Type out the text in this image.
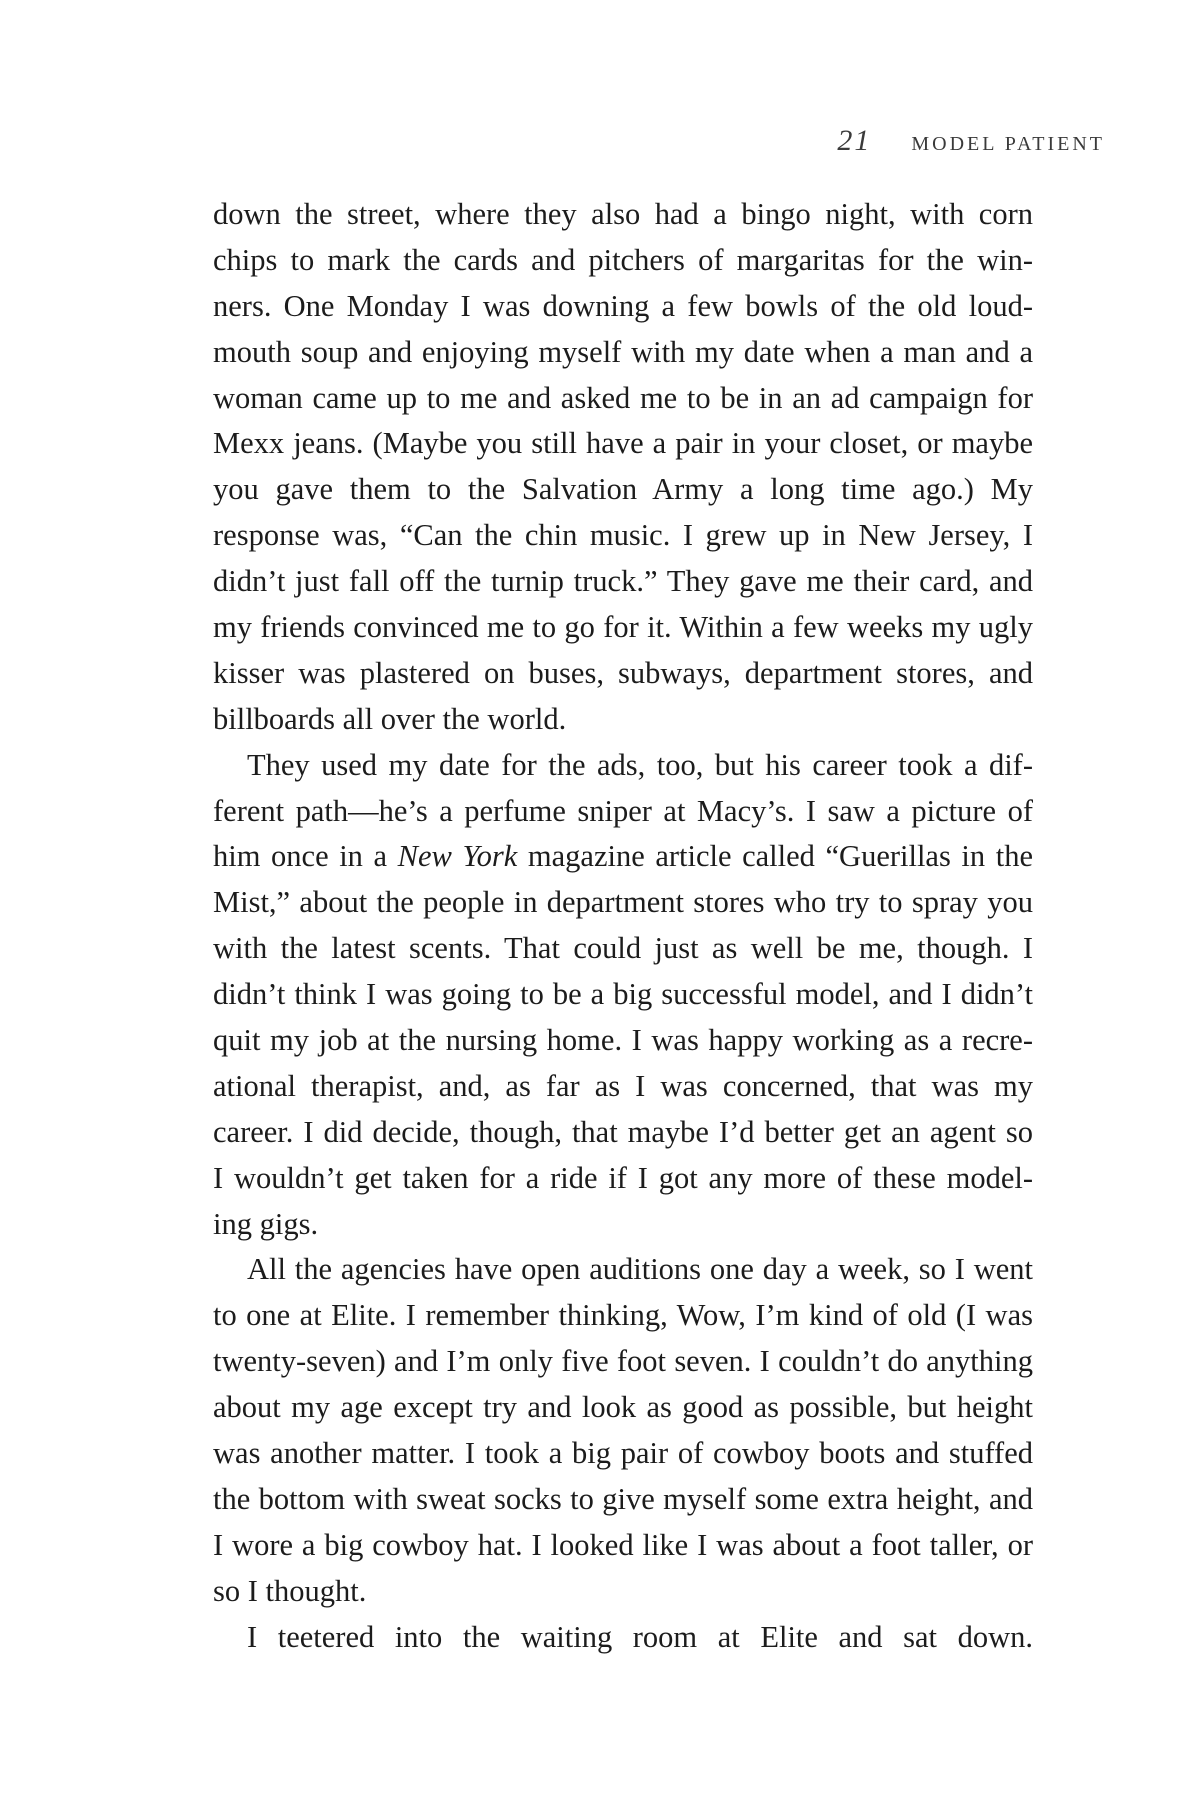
21 MODEL PATIENT
down the street, where they also had a bingo night, with corn
chips to mark the cards and pitchers of margaritas for the win-
ners. One Monday I was downing a few bowls of the old loud-
mouth soup and enjoying myself with my date when a man and a
woman came up to me and asked me to be in an ad campaign for
Mexx jeans. (Maybe you still have a pair in your closet, or maybe
you gave them to the Salvation Army a long time ago.) My
response was, “Can the chin music. I grew up in New Jersey, I
didn’t just fall off the turnip truck.” They gave me their card, and
my friends convinced me to go for it. Within a few weeks my ugly
kisser was plastered on buses, subways, department stores, and
billboards all over the world.
They used my date for the ads, too, but his career took a dif-
ferent path—he’s a perfume sniper at Macy’s. I saw a picture of
him once in a New York magazine article called “Guerillas in the
Mist,” about the people in department stores who try to spray you
with the latest scents. That could just as well be me, though. I
didn’t think I was going to be a big successful model, and I didn’t
quit my job at the nursing home. I was happy working as a recre-
ational therapist, and, as far as I was concerned, that was my
career. I did decide, though, that maybe I’d better get an agent so
I wouldn’t get taken for a ride if I got any more of these model-
ing gigs.
All the agencies have open auditions one day a week, so I went
to one at Elite. I remember thinking, Wow, I’m kind of old (I was
twenty-seven) and I’m only five foot seven. I couldn’t do anything
about my age except try and look as good as possible, but height
was another matter. I took a big pair of cowboy boots and stuffed
the bottom with sweat socks to give myself some extra height, and
I wore a big cowboy hat. I looked like I was about a foot taller, or
so I thought.
I teetered into the waiting room at Elite and sat down.
